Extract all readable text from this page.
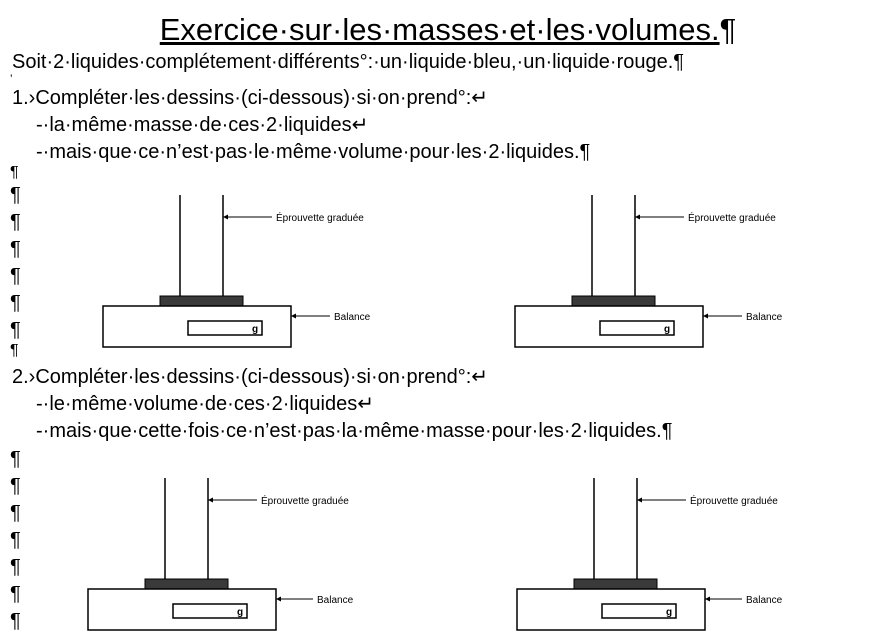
Exercice·sur·les·masses·et·les·volumes.¶
Soit·2·liquides·complétement·différents°:·un·liquide·bleu,·un·liquide·rouge.¶
‛
1.›Compléter·les·dessins·(ci-dessous)·si·on·prend°:↵
-·la·même·masse·de·ces·2·liquides↵
-·mais·que·ce·n’est·pas·le·même·volume·pour·les·2·liquides.¶
¶
¶
¶
¶
¶
¶
¶
¶
2.›Compléter·les·dessins·(ci-dessous)·si·on·prend°:↵
-·le·même·volume·de·ces·2·liquides↵
-·mais·que·cette·fois·ce·n’est·pas·la·même·masse·pour·les·2·liquides.¶
¶
¶
¶
¶
¶
¶
¶
g
Éprouvette graduée
Balance
g
Éprouvette graduée
Balance
g
Éprouvette graduée
Balance
g
Éprouvette graduée
Balance
